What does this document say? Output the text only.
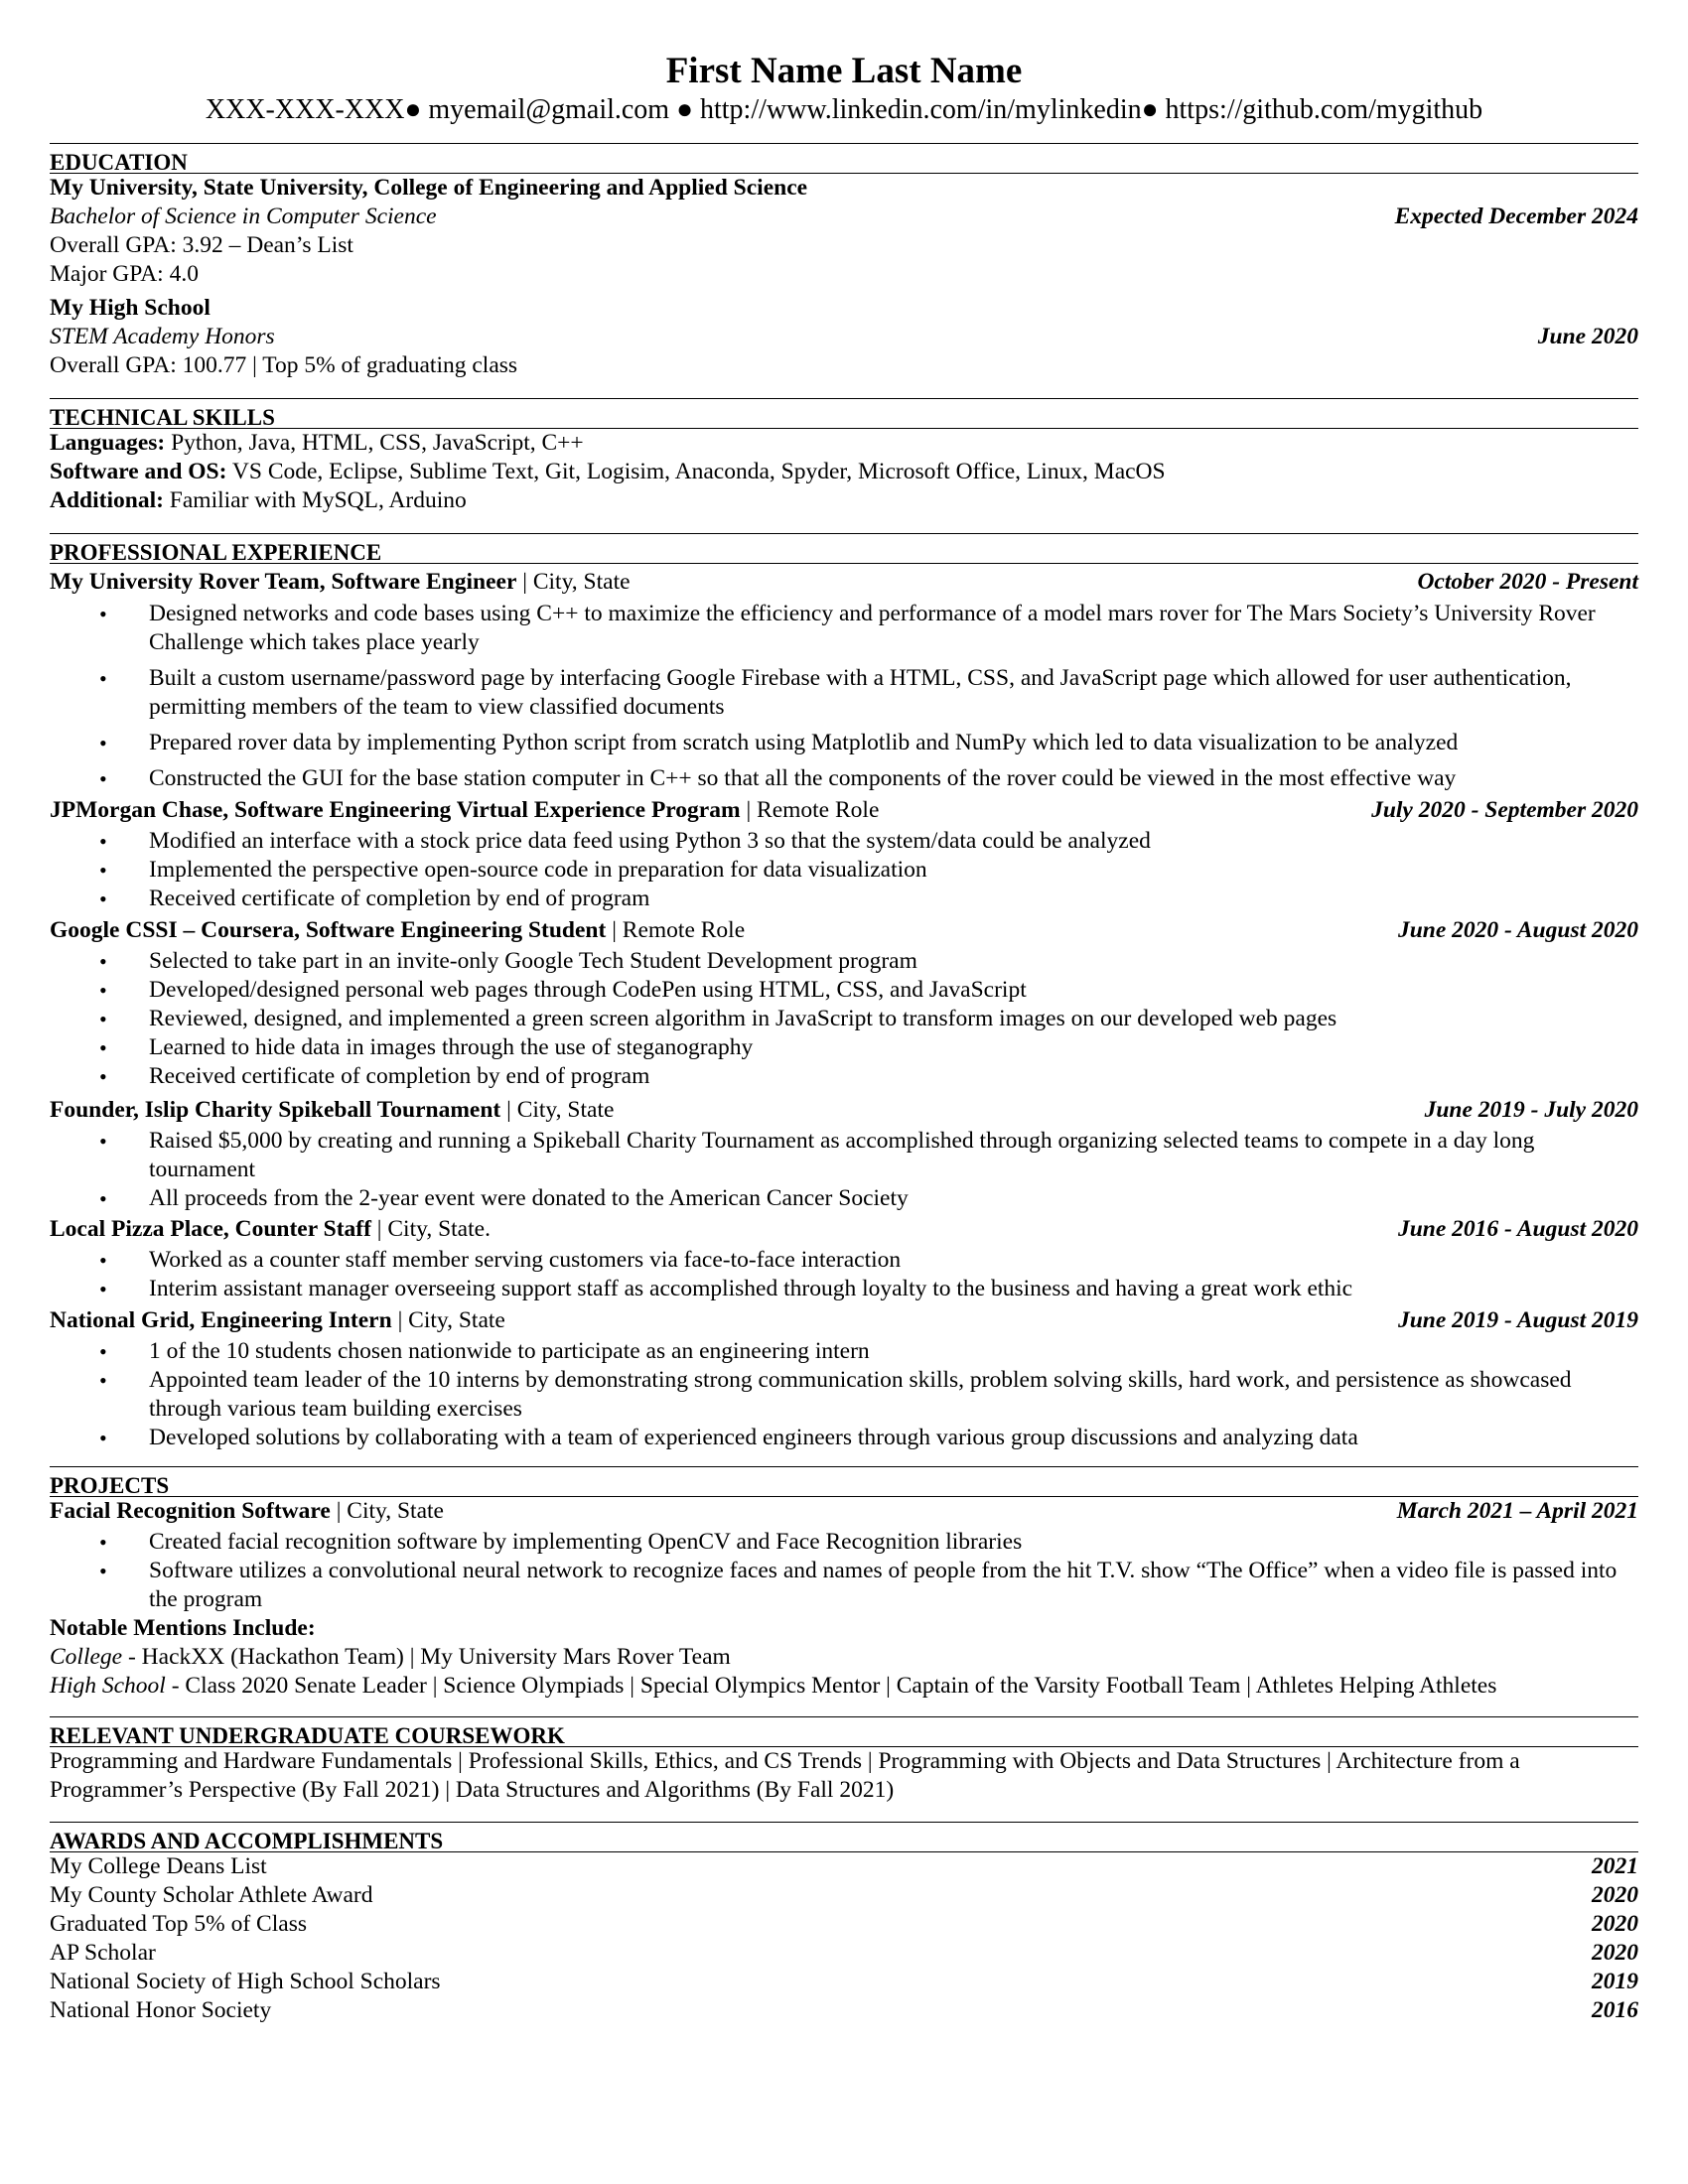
First Name Last Name
XXX-XXX-XXX● myemail@gmail.com ● http://www.linkedin.com/in/mylinkedin● https://github.com/mygithub
EDUCATION
My University, State University, College of Engineering and Applied Science
Bachelor of Science in Computer Science	Expected December 2024
Overall GPA: 3.92 – Dean’s List
Major GPA: 4.0
My High School
STEM Academy Honors	June 2020
Overall GPA: 100.77 | Top 5% of graduating class
TECHNICAL SKILLS
Languages: Python, Java, HTML, CSS, JavaScript, C++
Software and OS: VS Code, Eclipse, Sublime Text, Git, Logisim, Anaconda, Spyder, Microsoft Office, Linux, MacOS
Additional: Familiar with MySQL, Arduino
PROFESSIONAL EXPERIENCE
My University Rover Team, Software Engineer | City, State	October 2020 - Present
• Designed networks and code bases using C++ to maximize the efficiency and performance of a model mars rover for The Mars Society’s University Rover Challenge which takes place yearly
• Built a custom username/password page by interfacing Google Firebase with a HTML, CSS, and JavaScript page which allowed for user authentication, permitting members of the team to view classified documents
• Prepared rover data by implementing Python script from scratch using Matplotlib and NumPy which led to data visualization to be analyzed
• Constructed the GUI for the base station computer in C++ so that all the components of the rover could be viewed in the most effective way
JPMorgan Chase, Software Engineering Virtual Experience Program | Remote Role	July 2020 - September 2020
• Modified an interface with a stock price data feed using Python 3 so that the system/data could be analyzed
• Implemented the perspective open-source code in preparation for data visualization
• Received certificate of completion by end of program
Google CSSI – Coursera, Software Engineering Student | Remote Role	June 2020 - August 2020
• Selected to take part in an invite-only Google Tech Student Development program
• Developed/designed personal web pages through CodePen using HTML, CSS, and JavaScript
• Reviewed, designed, and implemented a green screen algorithm in JavaScript to transform images on our developed web pages
• Learned to hide data in images through the use of steganography
• Received certificate of completion by end of program
Founder, Islip Charity Spikeball Tournament | City, State	June 2019 - July 2020
• Raised $5,000 by creating and running a Spikeball Charity Tournament as accomplished through organizing selected teams to compete in a day long tournament
• All proceeds from the 2-year event were donated to the American Cancer Society
Local Pizza Place, Counter Staff | City, State.	June 2016 - August 2020
• Worked as a counter staff member serving customers via face-to-face interaction
• Interim assistant manager overseeing support staff as accomplished through loyalty to the business and having a great work ethic
National Grid, Engineering Intern | City, State	June 2019 - August 2019
• 1 of the 10 students chosen nationwide to participate as an engineering intern
• Appointed team leader of the 10 interns by demonstrating strong communication skills, problem solving skills, hard work, and persistence as showcased through various team building exercises
• Developed solutions by collaborating with a team of experienced engineers through various group discussions and analyzing data
PROJECTS
Facial Recognition Software | City, State	March 2021 – April 2021
• Created facial recognition software by implementing OpenCV and Face Recognition libraries
• Software utilizes a convolutional neural network to recognize faces and names of people from the hit T.V. show “The Office” when a video file is passed into the program
Notable Mentions Include:
College - HackXX (Hackathon Team) | My University Mars Rover Team
High School - Class 2020 Senate Leader | Science Olympiads | Special Olympics Mentor | Captain of the Varsity Football Team | Athletes Helping Athletes
RELEVANT UNDERGRADUATE COURSEWORK
Programming and Hardware Fundamentals | Professional Skills, Ethics, and CS Trends | Programming with Objects and Data Structures | Architecture from a Programmer’s Perspective (By Fall 2021) | Data Structures and Algorithms (By Fall 2021)
AWARDS AND ACCOMPLISHMENTS
My College Deans List	2021
My County Scholar Athlete Award	2020
Graduated Top 5% of Class	2020
AP Scholar	2020
National Society of High School Scholars	2019
National Honor Society	2016
